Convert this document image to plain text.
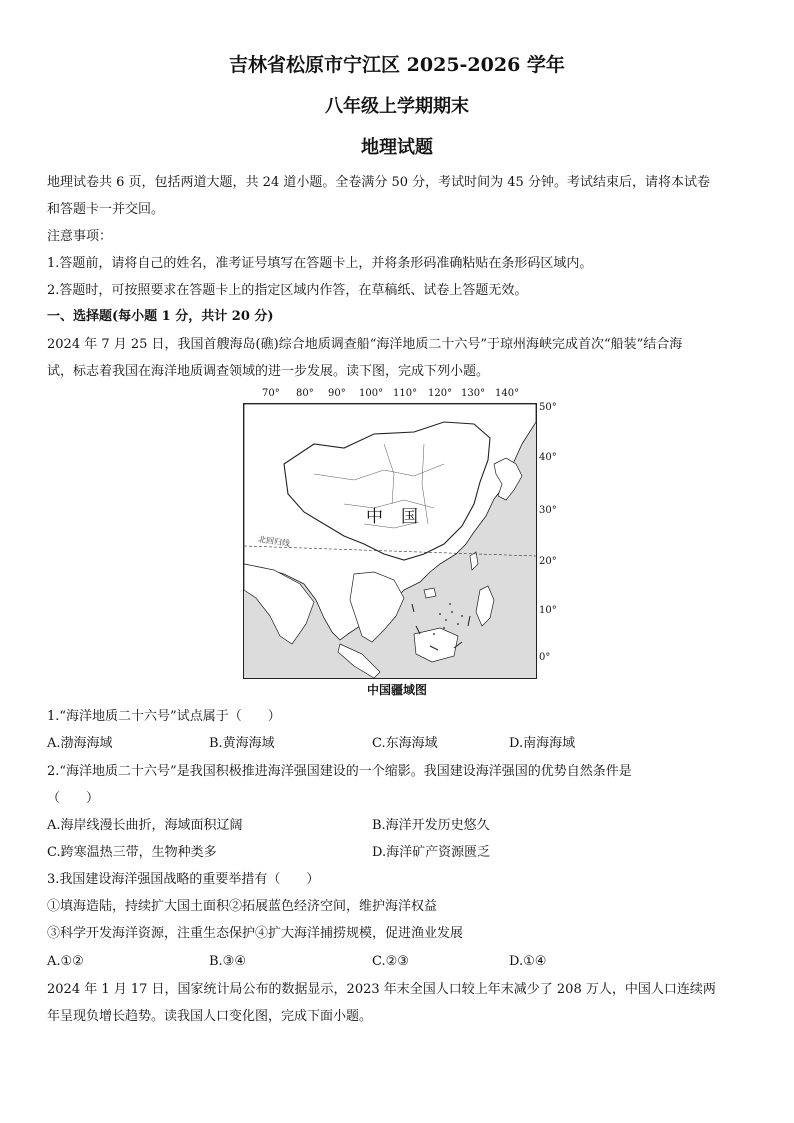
吉林省松原市宁江区 2025-2026 学年
八年级上学期期末
地理试题
地理试卷共 6 页，包括两道大题，共 24 道小题。全卷满分 50 分，考试时间为 45 分钟。考试结束后，请将本试卷
和答题卡一并交回。
注意事项：
1.答题前，请将自己的姓名，准考证号填写在答题卡上，并将条形码准确粘贴在条形码区域内。
2.答题时，可按照要求在答题卡上的指定区域内作答，在草稿纸、试卷上答题无效。
一、选择题(每小题 1 分，共计 20 分)
2024 年 7 月 25 日，我国首艘海岛(礁)综合地质调查船“海洋地质二十六号”于琼州海峡完成首次“船装”结合海
试，标志着我国在海洋地质调查领域的进一步发展。读下图，完成下列小题。
70° 80° 90° 100° 110° 120° 130° 140°
50°
40°
30°
20°
10°
0°
北回归线
中国
中国疆域图
1.“海洋地质二十六号”试点属于（　　）
A.渤海海域	B.黄海海域	C.东海海域	D.南海海域
2.“海洋地质二十六号”是我国积极推进海洋强国建设的一个缩影。我国建设海洋强国的优势自然条件是
（　　）
A.海岸线漫长曲折，海域面积辽阔	B.海洋开发历史悠久
C.跨寒温热三带，生物种类多	D.海洋矿产资源匮乏
3.我国建设海洋强国战略的重要举措有（　　）
①填海造陆，持续扩大国土面积②拓展蓝色经济空间，维护海洋权益
③科学开发海洋资源，注重生态保护④扩大海洋捕捞规模，促进渔业发展
A.①②	B.③④	C.②③	D.①④
2024 年 1 月 17 日，国家统计局公布的数据显示，2023 年末全国人口较上年末减少了 208 万人，中国人口连续两
年呈现负增长趋势。读我国人口变化图，完成下面小题。
